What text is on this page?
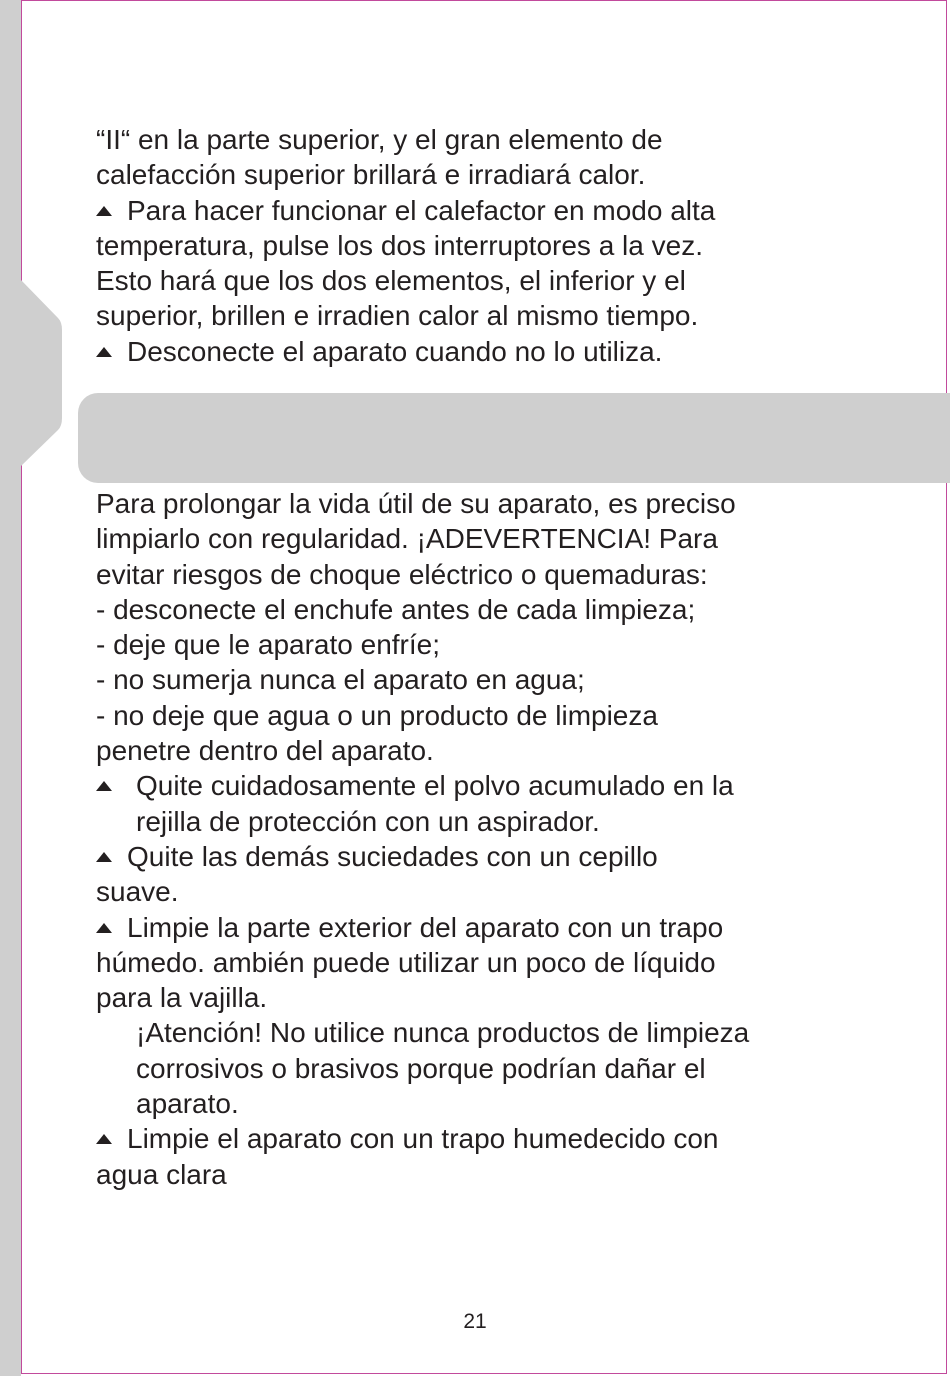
“II“ en la parte superior, y el gran elemento de

calefacción superior brillará e irradiará calor.

Para hacer funcionar el calefactor en modo alta

temperatura, pulse los dos interruptores a la vez.

Esto hará que los dos elementos, el inferior y el

superior, brillen e irradien calor al mismo tiempo.

Desconecte el aparato cuando no lo utiliza.

Para prolongar la vida útil de su aparato, es preciso

limpiarlo con regularidad. ¡ADEVERTENCIA! Para

evitar riesgos de choque eléctrico o quemaduras:

- desconecte el enchufe antes de cada limpieza;

- deje que le aparato enfríe;

- no sumerja nunca el aparato en agua;

- no deje que agua o un producto de limpieza

penetre dentro del aparato.

Quite cuidadosamente el polvo acumulado en la

rejilla de protección con un aspirador.

Quite las demás suciedades con un cepillo

suave.

Limpie la parte exterior del aparato con un trapo

húmedo. ambién puede utilizar un poco de líquido

para la vajilla.

¡Atención! No utilice nunca productos de limpieza

corrosivos o brasivos porque podrían dañar el

aparato.

Limpie el aparato con un trapo humedecido con

agua clara

21
